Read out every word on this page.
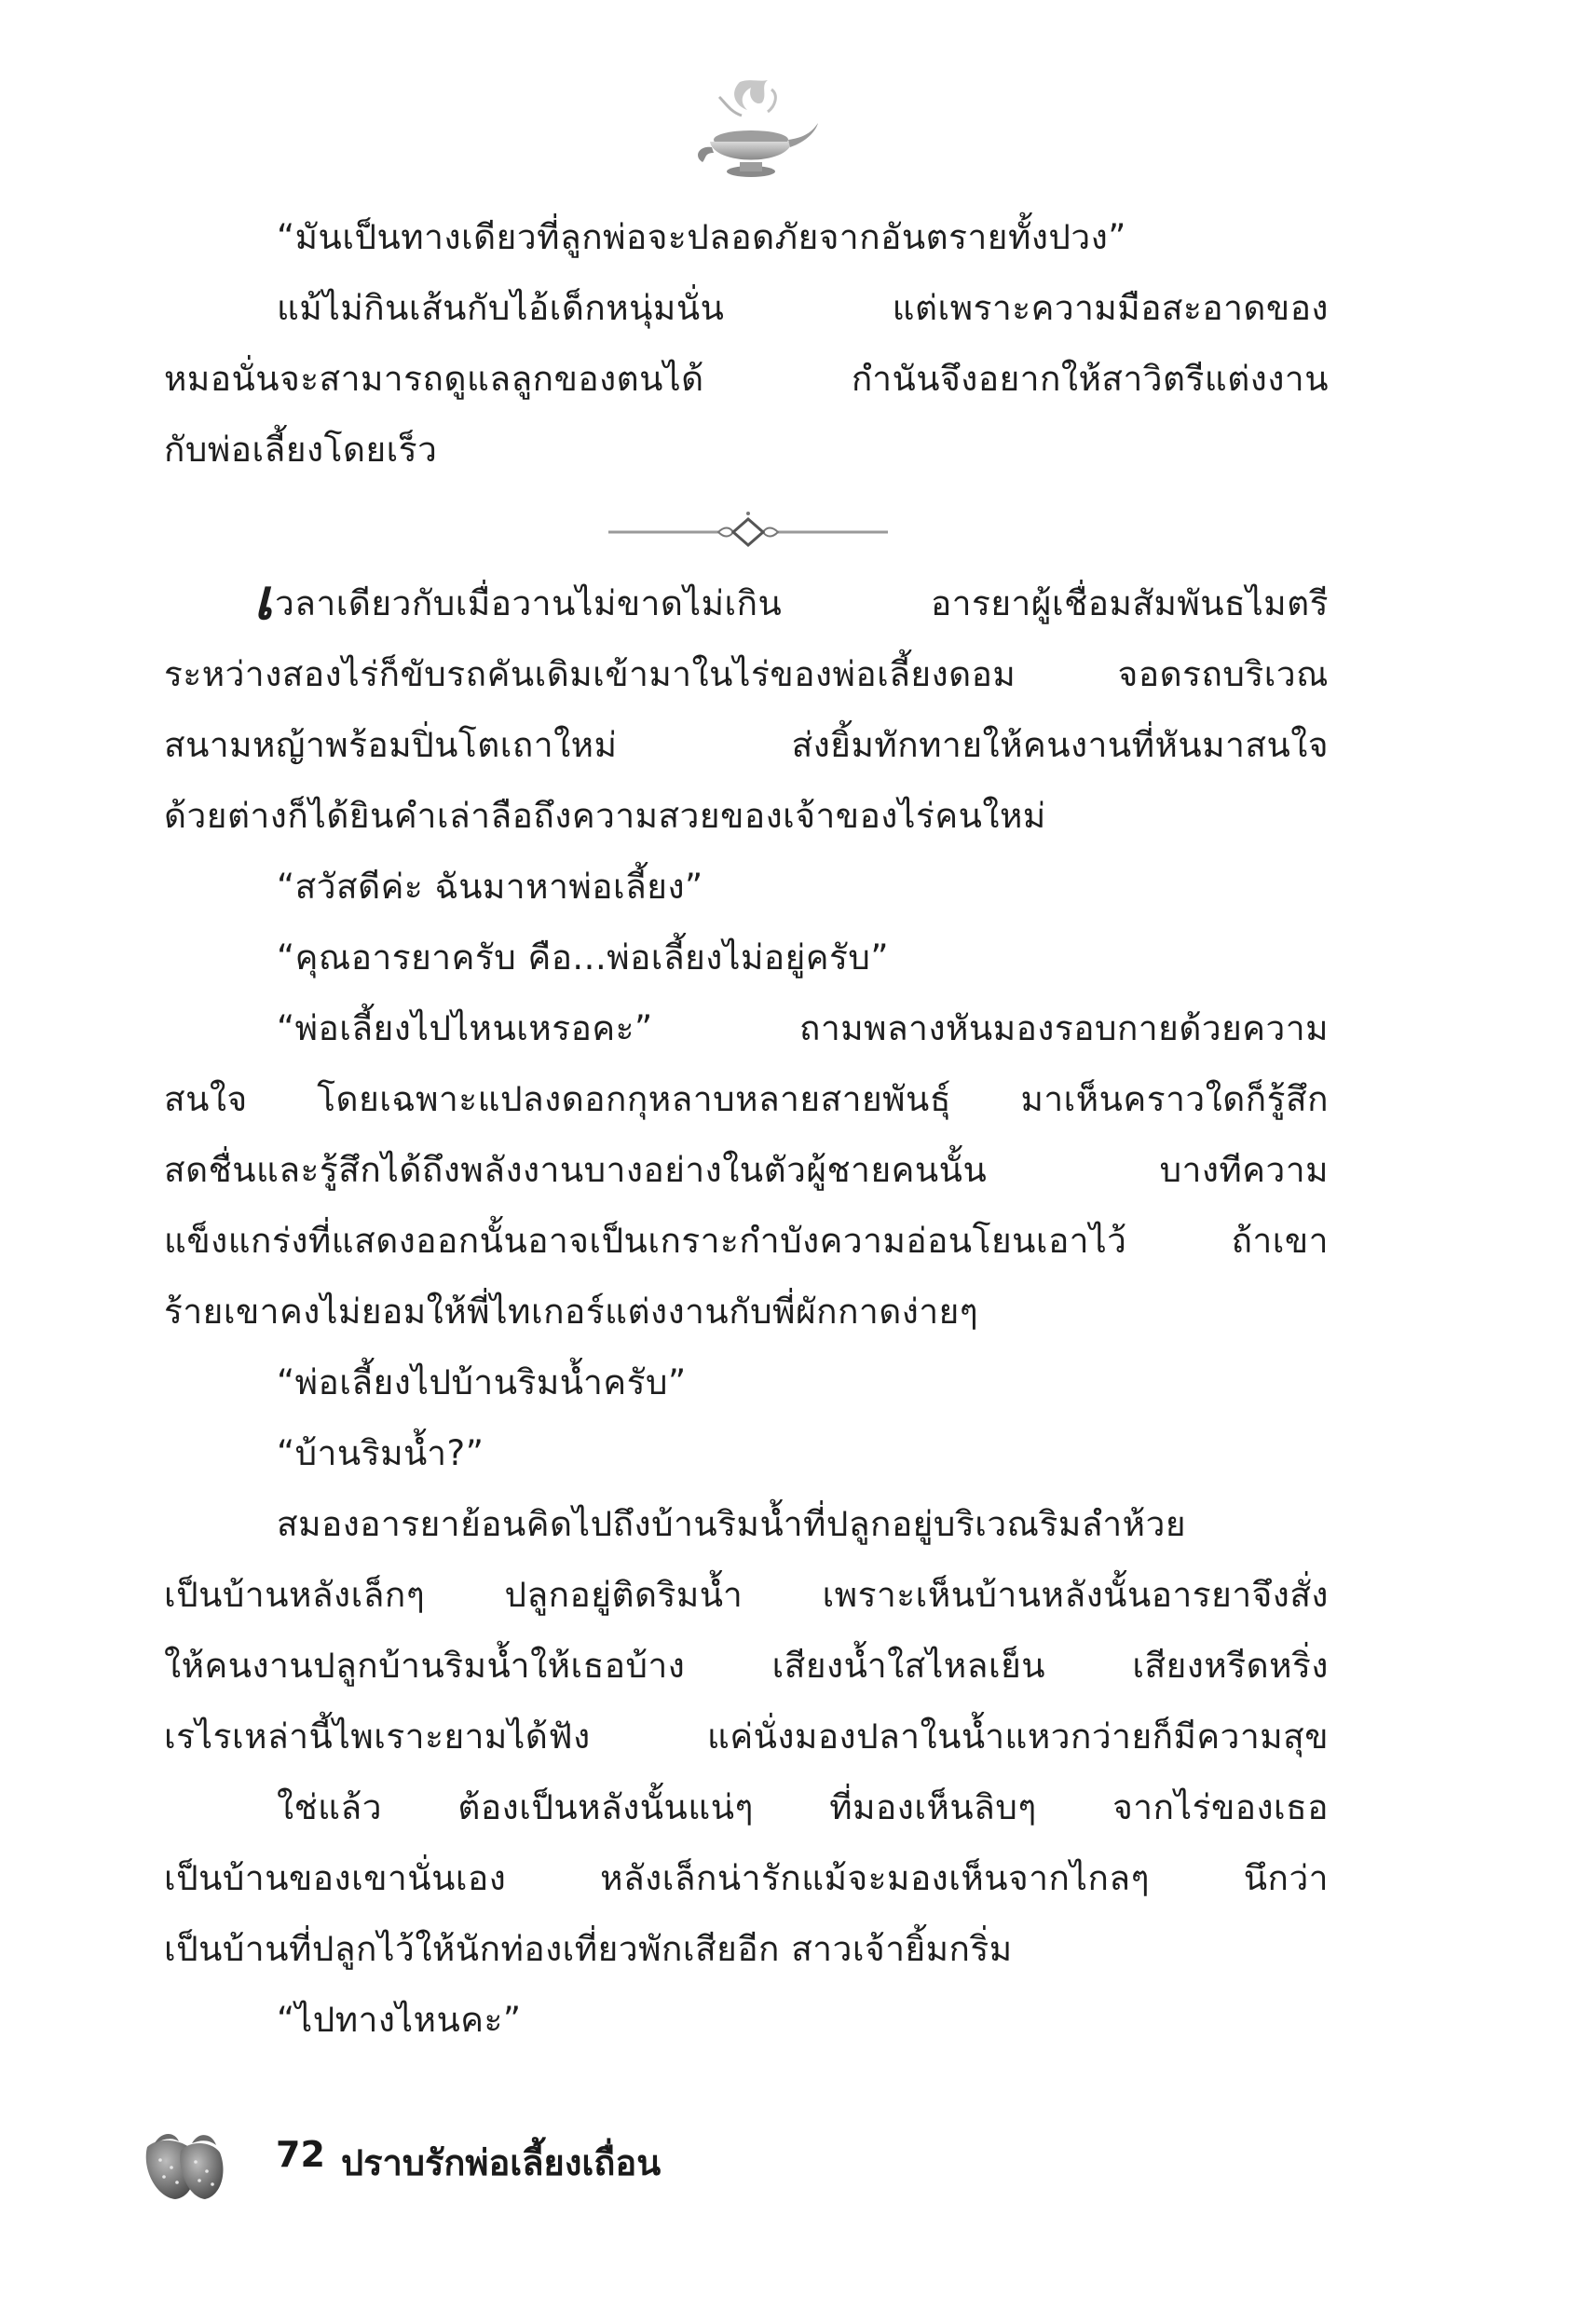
“มันเป็นทางเดียวที่ลูกพ่อจะปลอดภัยจากอันตรายทั้งปวง”
แม้ไม่กินเส้นกับไอ้เด็กหนุ่มนั่น แต่เพราะความมือสะอาดของ
หมอนั่นจะสามารถดูแลลูกของตนได้ กำนันจึงอยากให้สาวิตรีแต่งงาน
กับพ่อเลี้ยงโดยเร็ว
เวลาเดียวกับเมื่อวานไม่ขาดไม่เกิน อารยาผู้เชื่อมสัมพันธไมตรี
ระหว่างสองไร่ก็ขับรถคันเดิมเข้ามาในไร่ของพ่อเลี้ยงดอม จอดรถบริเวณ
สนามหญ้าพร้อมปิ่นโตเถาใหม่ ส่งยิ้มทักทายให้คนงานที่หันมาสนใจ
ด้วยต่างก็ได้ยินคำเล่าลือถึงความสวยของเจ้าของไร่คนใหม่
“สวัสดีค่ะ ฉันมาหาพ่อเลี้ยง”
“คุณอารยาครับ คือ...พ่อเลี้ยงไม่อยู่ครับ”
“พ่อเลี้ยงไปไหนเหรอคะ” ถามพลางหันมองรอบกายด้วยความ
สนใจ โดยเฉพาะแปลงดอกกุหลาบหลายสายพันธุ์ มาเห็นคราวใดก็รู้สึก
สดชื่นและรู้สึกได้ถึงพลังงานบางอย่างในตัวผู้ชายคนนั้น บางทีความ
แข็งแกร่งที่แสดงออกนั้นอาจเป็นเกราะกำบังความอ่อนโยนเอาไว้ ถ้าเขา
ร้ายเขาคงไม่ยอมให้พี่ไทเกอร์แต่งงานกับพี่ผักกาดง่ายๆ
“พ่อเลี้ยงไปบ้านริมน้ำครับ”
“บ้านริมน้ำ?”
สมองอารยาย้อนคิดไปถึงบ้านริมน้ำที่ปลูกอยู่บริเวณริมลำห้วย
เป็นบ้านหลังเล็กๆ ปลูกอยู่ติดริมน้ำ เพราะเห็นบ้านหลังนั้นอารยาจึงสั่ง
ให้คนงานปลูกบ้านริมน้ำให้เธอบ้าง เสียงน้ำใสไหลเย็น เสียงหรีดหริ่ง
เรไรเหล่านี้ไพเราะยามได้ฟัง แค่นั่งมองปลาในน้ำแหวกว่ายก็มีความสุข
ใช่แล้ว ต้องเป็นหลังนั้นแน่ๆ ที่มองเห็นลิบๆ จากไร่ของเธอ
เป็นบ้านของเขานั่นเอง หลังเล็กน่ารักแม้จะมองเห็นจากไกลๆ นึกว่า
เป็นบ้านที่ปลูกไว้ให้นักท่องเที่ยวพักเสียอีก สาวเจ้ายิ้มกริ่ม
“ไปทางไหนคะ”
72 ปราบรักพ่อเลี้ยงเถื่อน
